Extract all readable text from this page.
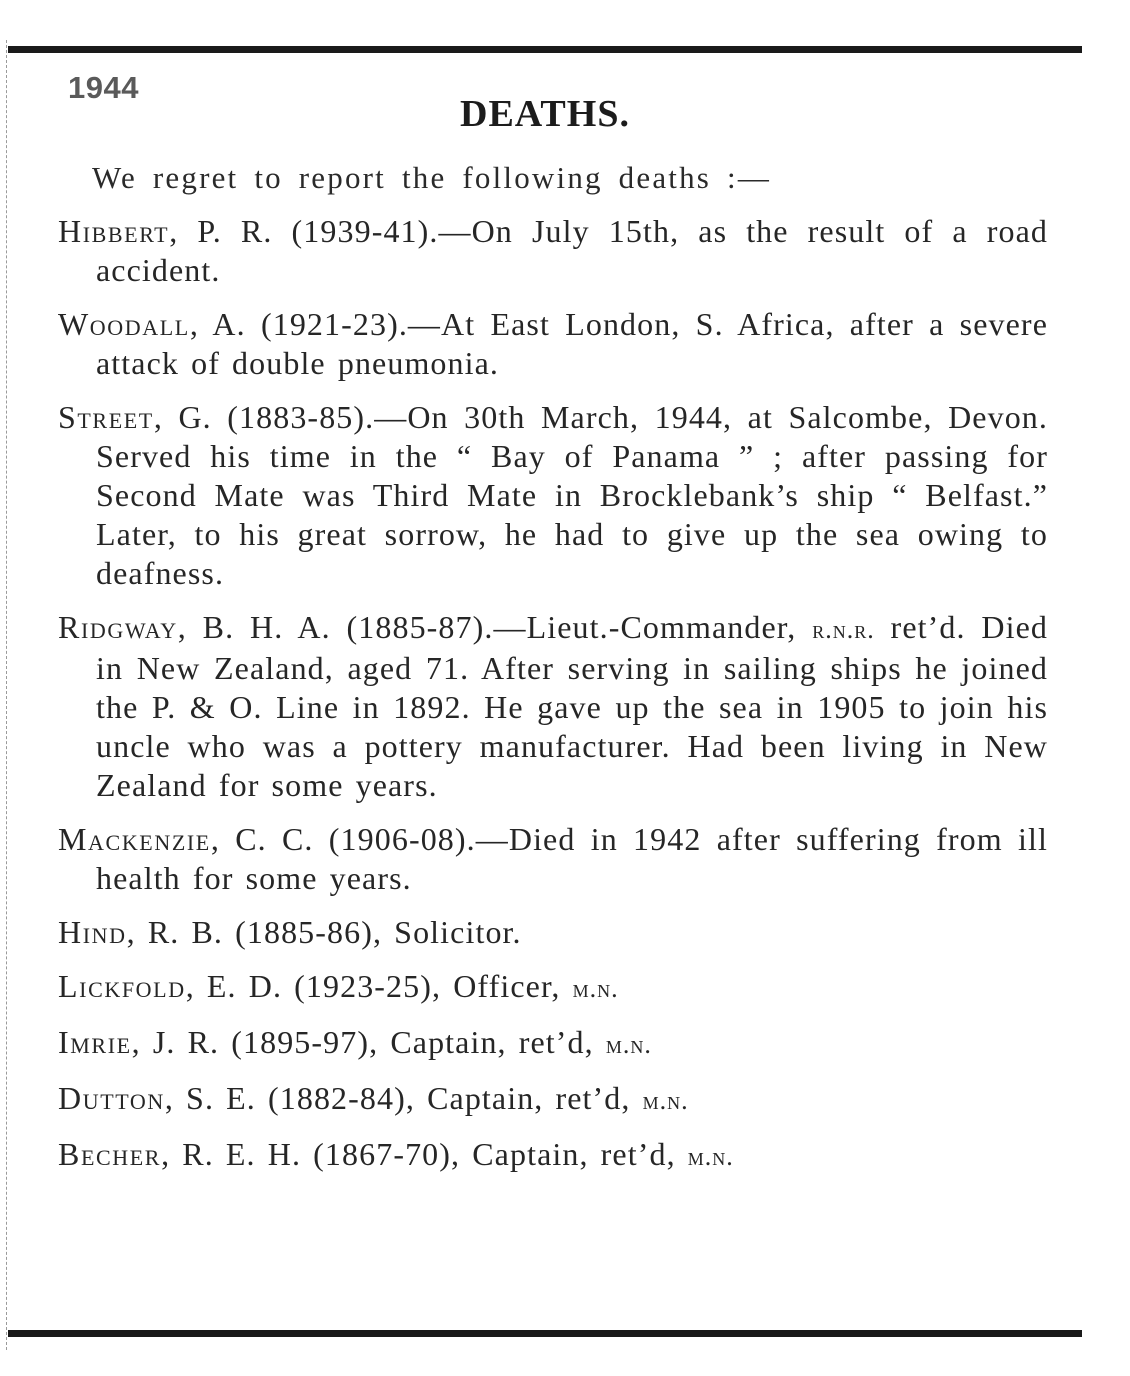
1944
DEATHS.
We regret to report the following deaths :—

Hibbert, P. R. (1939-41).—On July 15th, as the result of a road accident.

Woodall, A. (1921-23).—At East London, S. Africa, after a severe attack of double pneumonia.

Street, G. (1883-85).—On 30th March, 1944, at Salcombe, Devon. Served his time in the “ Bay of Panama ” ; after passing for Second Mate was Third Mate in Brocklebank’s ship “ Belfast.” Later, to his great sorrow, he had to give up the sea owing to deafness.

Ridgway, B. H. A. (1885-87).—Lieut.-Commander, r.n.r. ret’d. Died in New Zealand, aged 71. After serving in sailing ships he joined the P. & O. Line in 1892. He gave up the sea in 1905 to join his uncle who was a pottery manufacturer. Had been living in New Zealand for some years.

Mackenzie, C. C. (1906-08).—Died in 1942 after suffering from ill health for some years.

Hind, R. B. (1885-86), Solicitor.

Lickfold, E. D. (1923-25), Officer, m.n.

Imrie, J. R. (1895-97), Captain, ret’d, m.n.

Dutton, S. E. (1882-84), Captain, ret’d, m.n.

Becher, R. E. H. (1867-70), Captain, ret’d, m.n.
